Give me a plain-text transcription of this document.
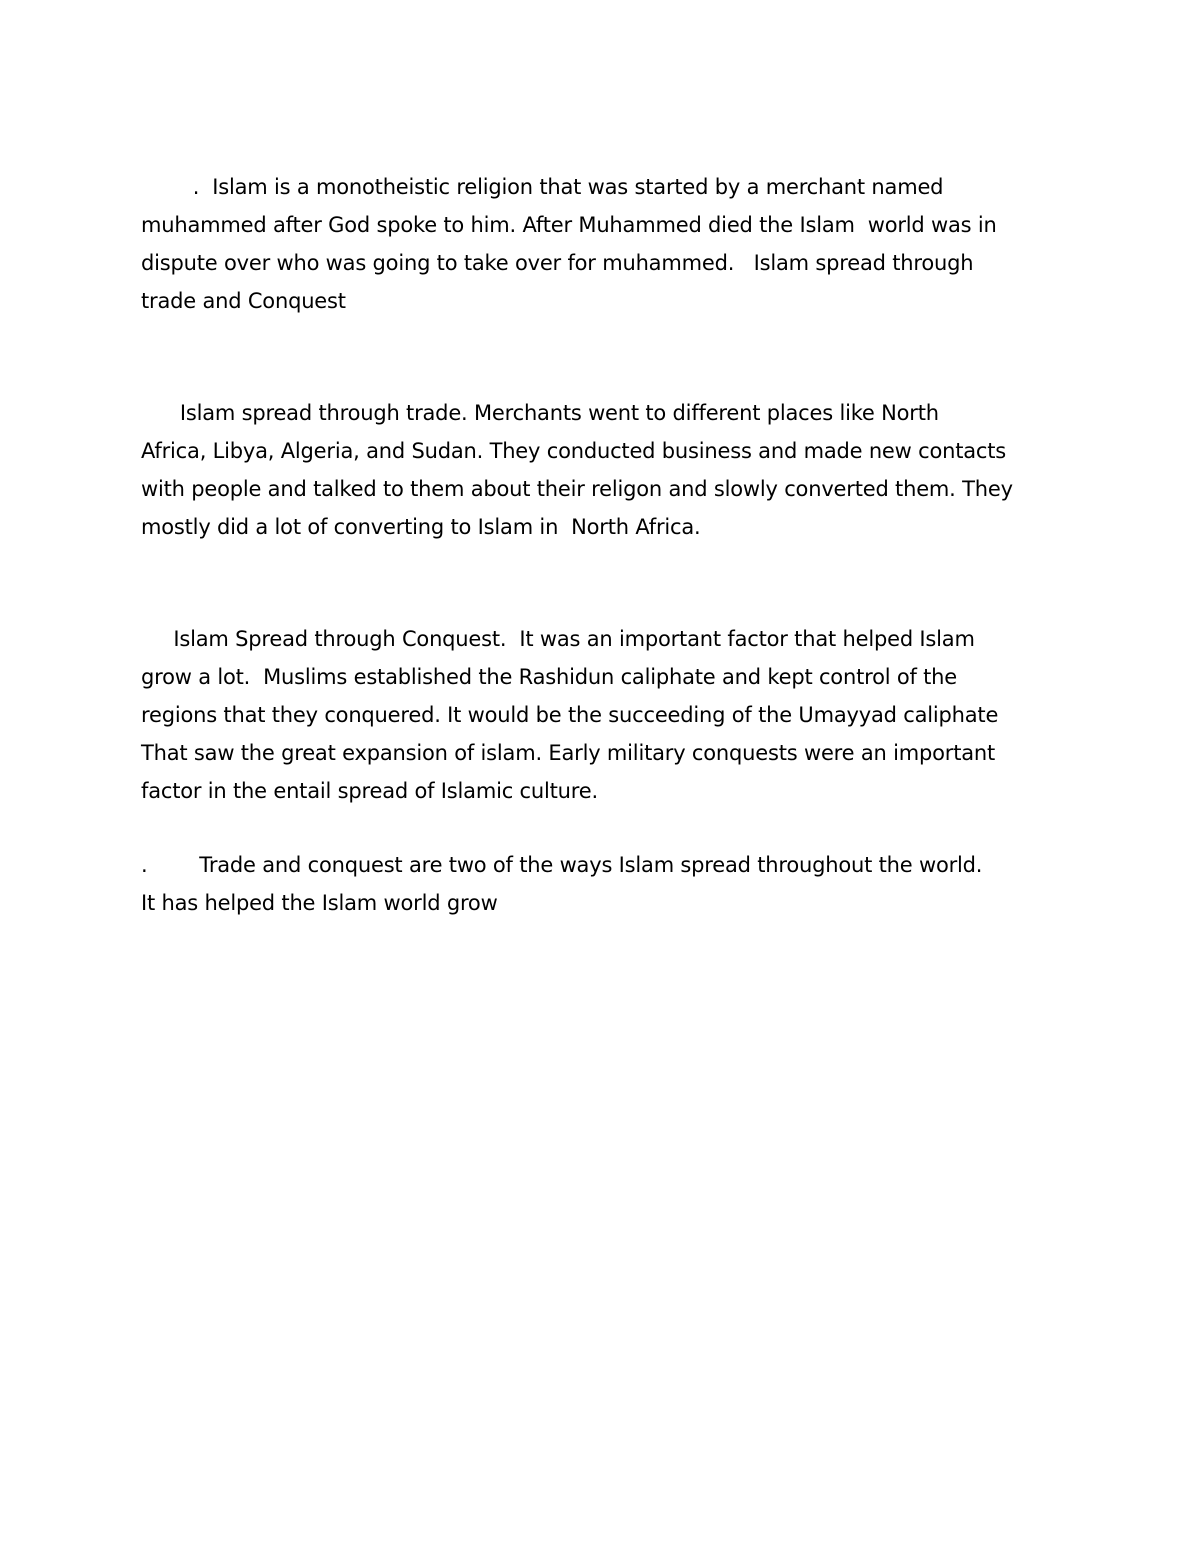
.  Islam is a monotheistic religion that was started by a merchant named
muhammed after God spoke to him. After Muhammed died the Islam  world was in
dispute over who was going to take over for muhammed.   Islam spread through
trade and Conquest

Islam spread through trade. Merchants went to different places like North
Africa, Libya, Algeria, and Sudan. They conducted business and made new contacts
with people and talked to them about their religon and slowly converted them. They
mostly did a lot of converting to Islam in  North Africa.

Islam Spread through Conquest.  It was an important factor that helped Islam
grow a lot.  Muslims established the Rashidun caliphate and kept control of the
regions that they conquered. It would be the succeeding of the Umayyad caliphate
That saw the great expansion of islam. Early military conquests were an important
factor in the entail spread of Islamic culture.

.        Trade and conquest are two of the ways Islam spread throughout the world.
It has helped the Islam world grow
